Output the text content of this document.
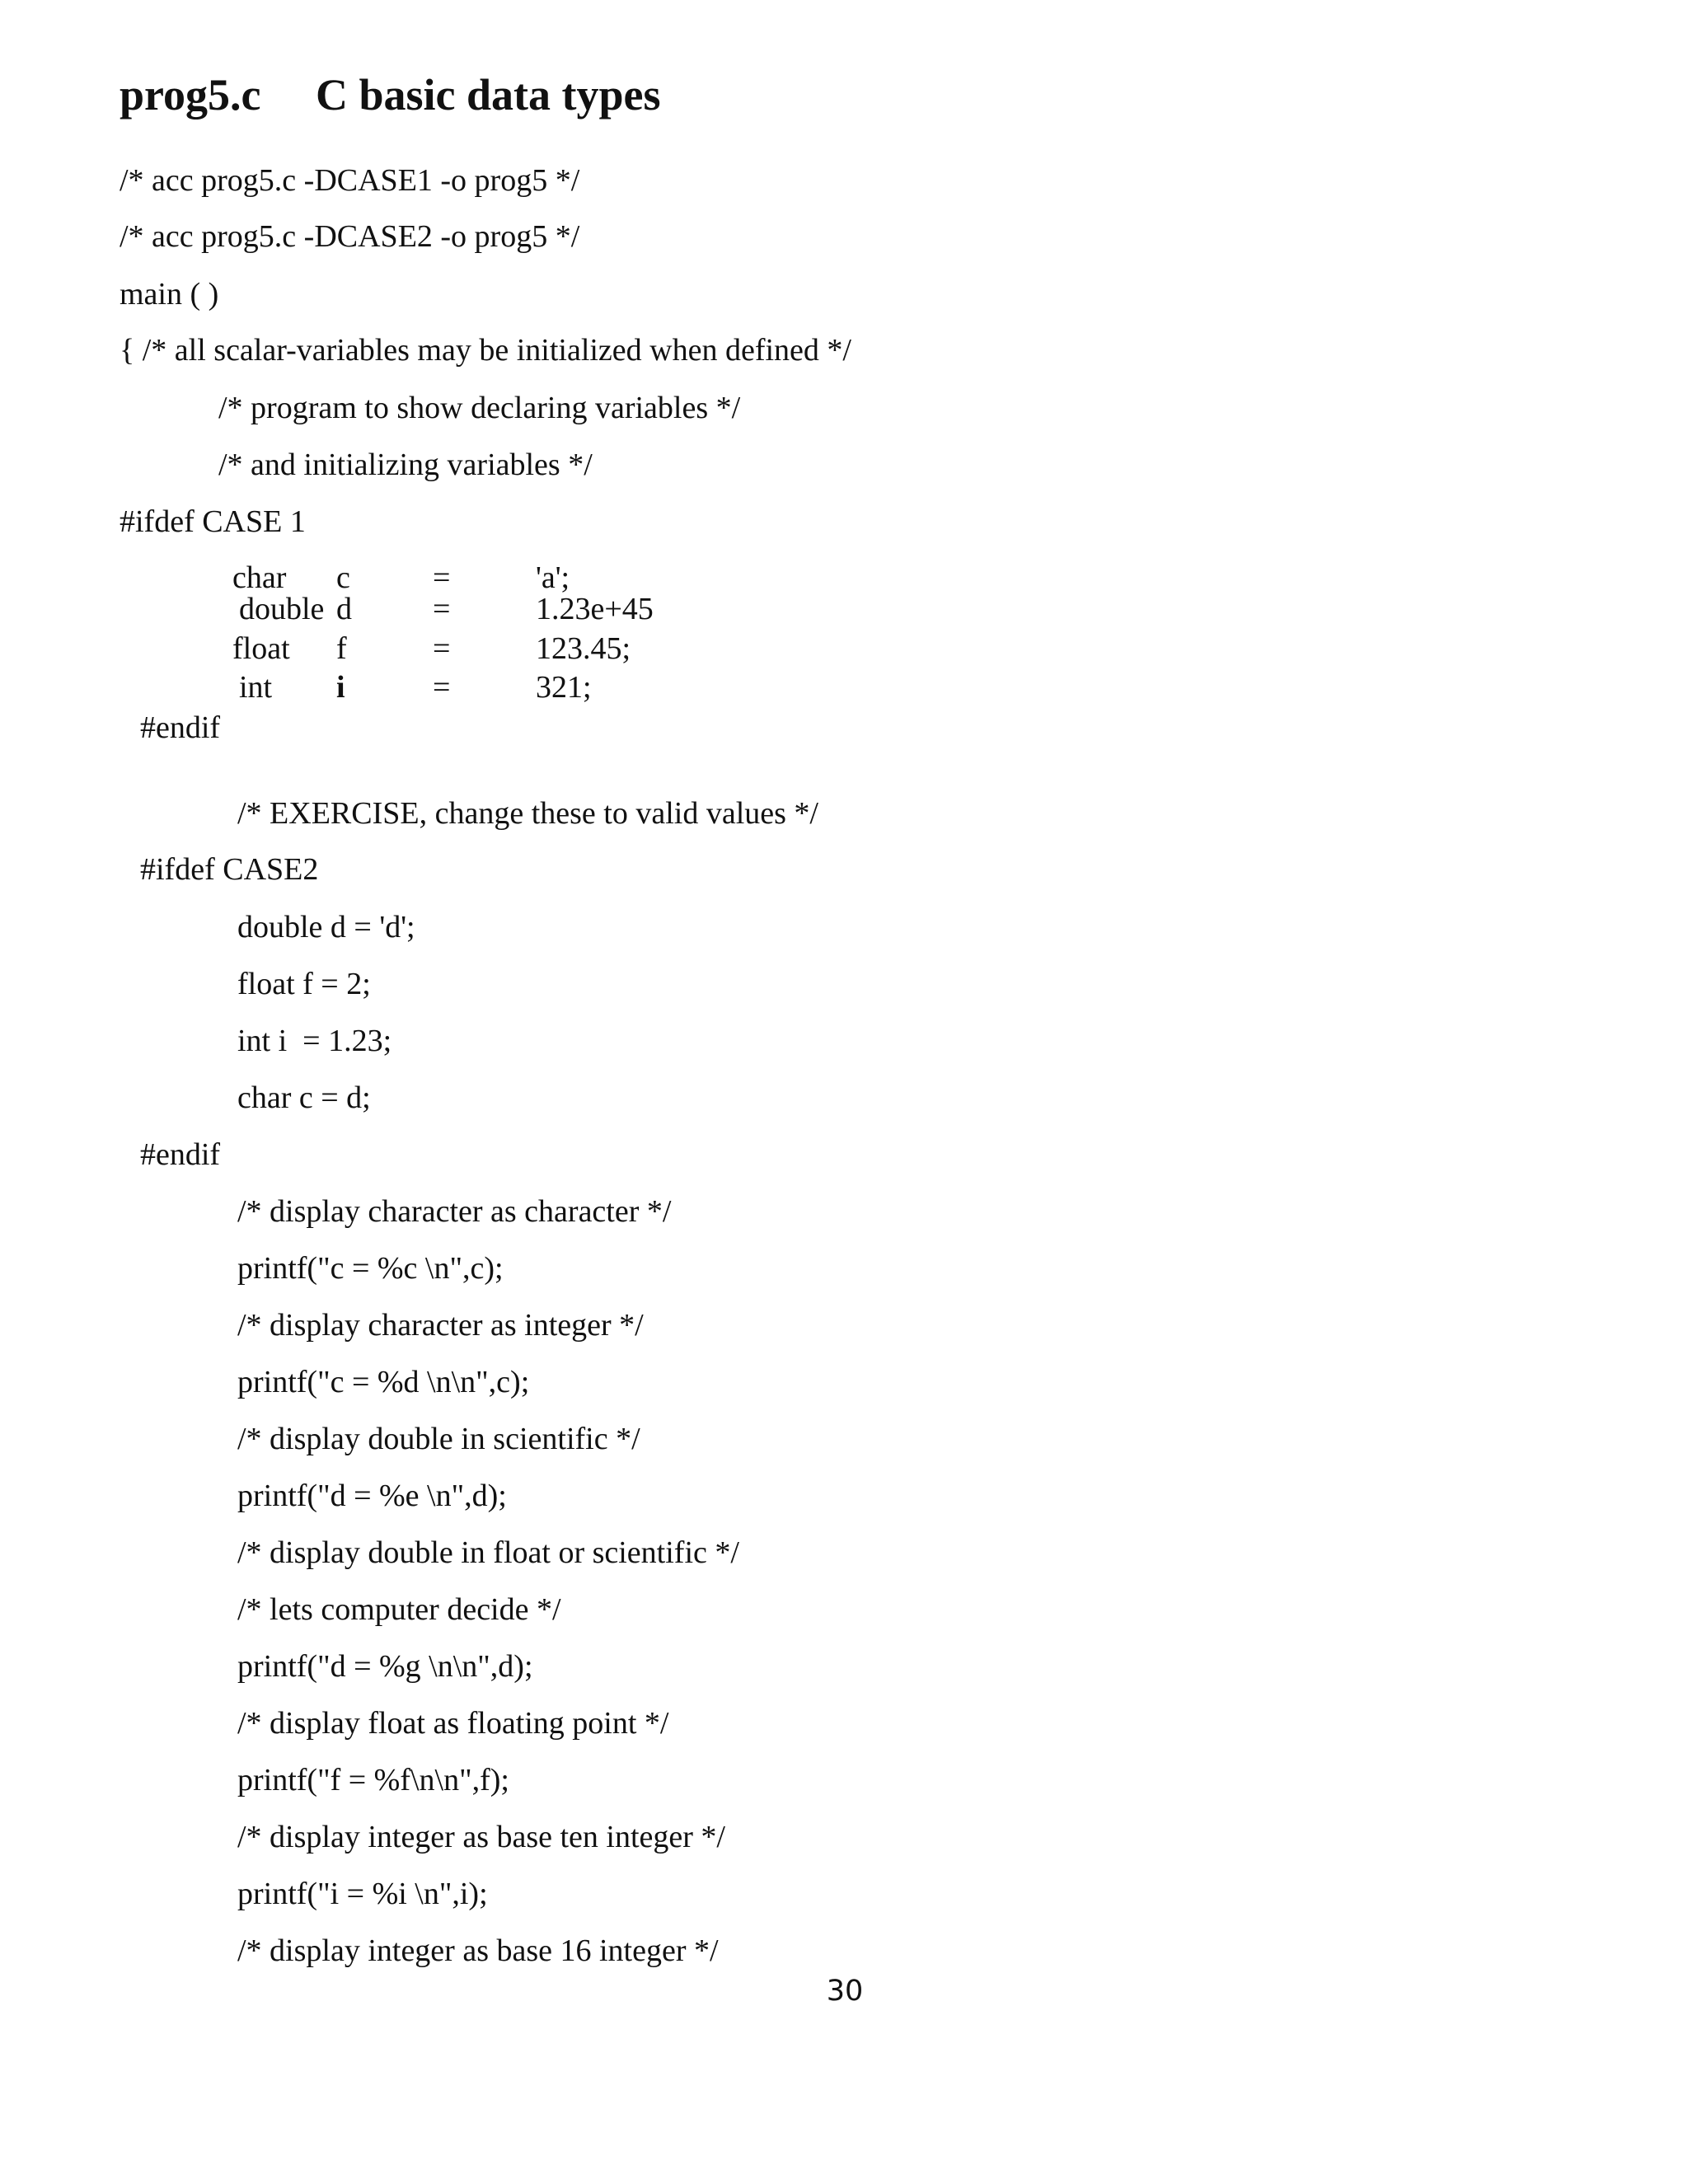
prog5.c C basic data types
/* acc prog5.c -DCASE1 -o prog5 */
/* acc prog5.c -DCASE2 -o prog5 */
main ( )
{ /* all scalar-variables may be initialized when defined */
/* program to show declaring variables */
/* and initializing variables */
#ifdef CASE 1
char c	=	'a';
double d	=	1.23e+45
float f	=	123.45;
int i	=	321;
#endif
/* EXERCISE, change these to valid values */
#ifdef CASE2
double d = 'd';
float f = 2;
int i  = 1.23;
char c = d;
#endif
/* display character as character */
printf("c = %c \n",c);
/* display character as integer */
printf("c = %d \n\n",c);
/* display double in scientific */
printf("d = %e \n",d);
/* display double in float or scientific */
/* lets computer decide */
printf("d = %g \n\n",d);
/* display float as floating point */
printf("f = %f\n\n",f);
/* display integer as base ten integer */
printf("i = %i \n",i);
/* display integer as base 16 integer */
30
